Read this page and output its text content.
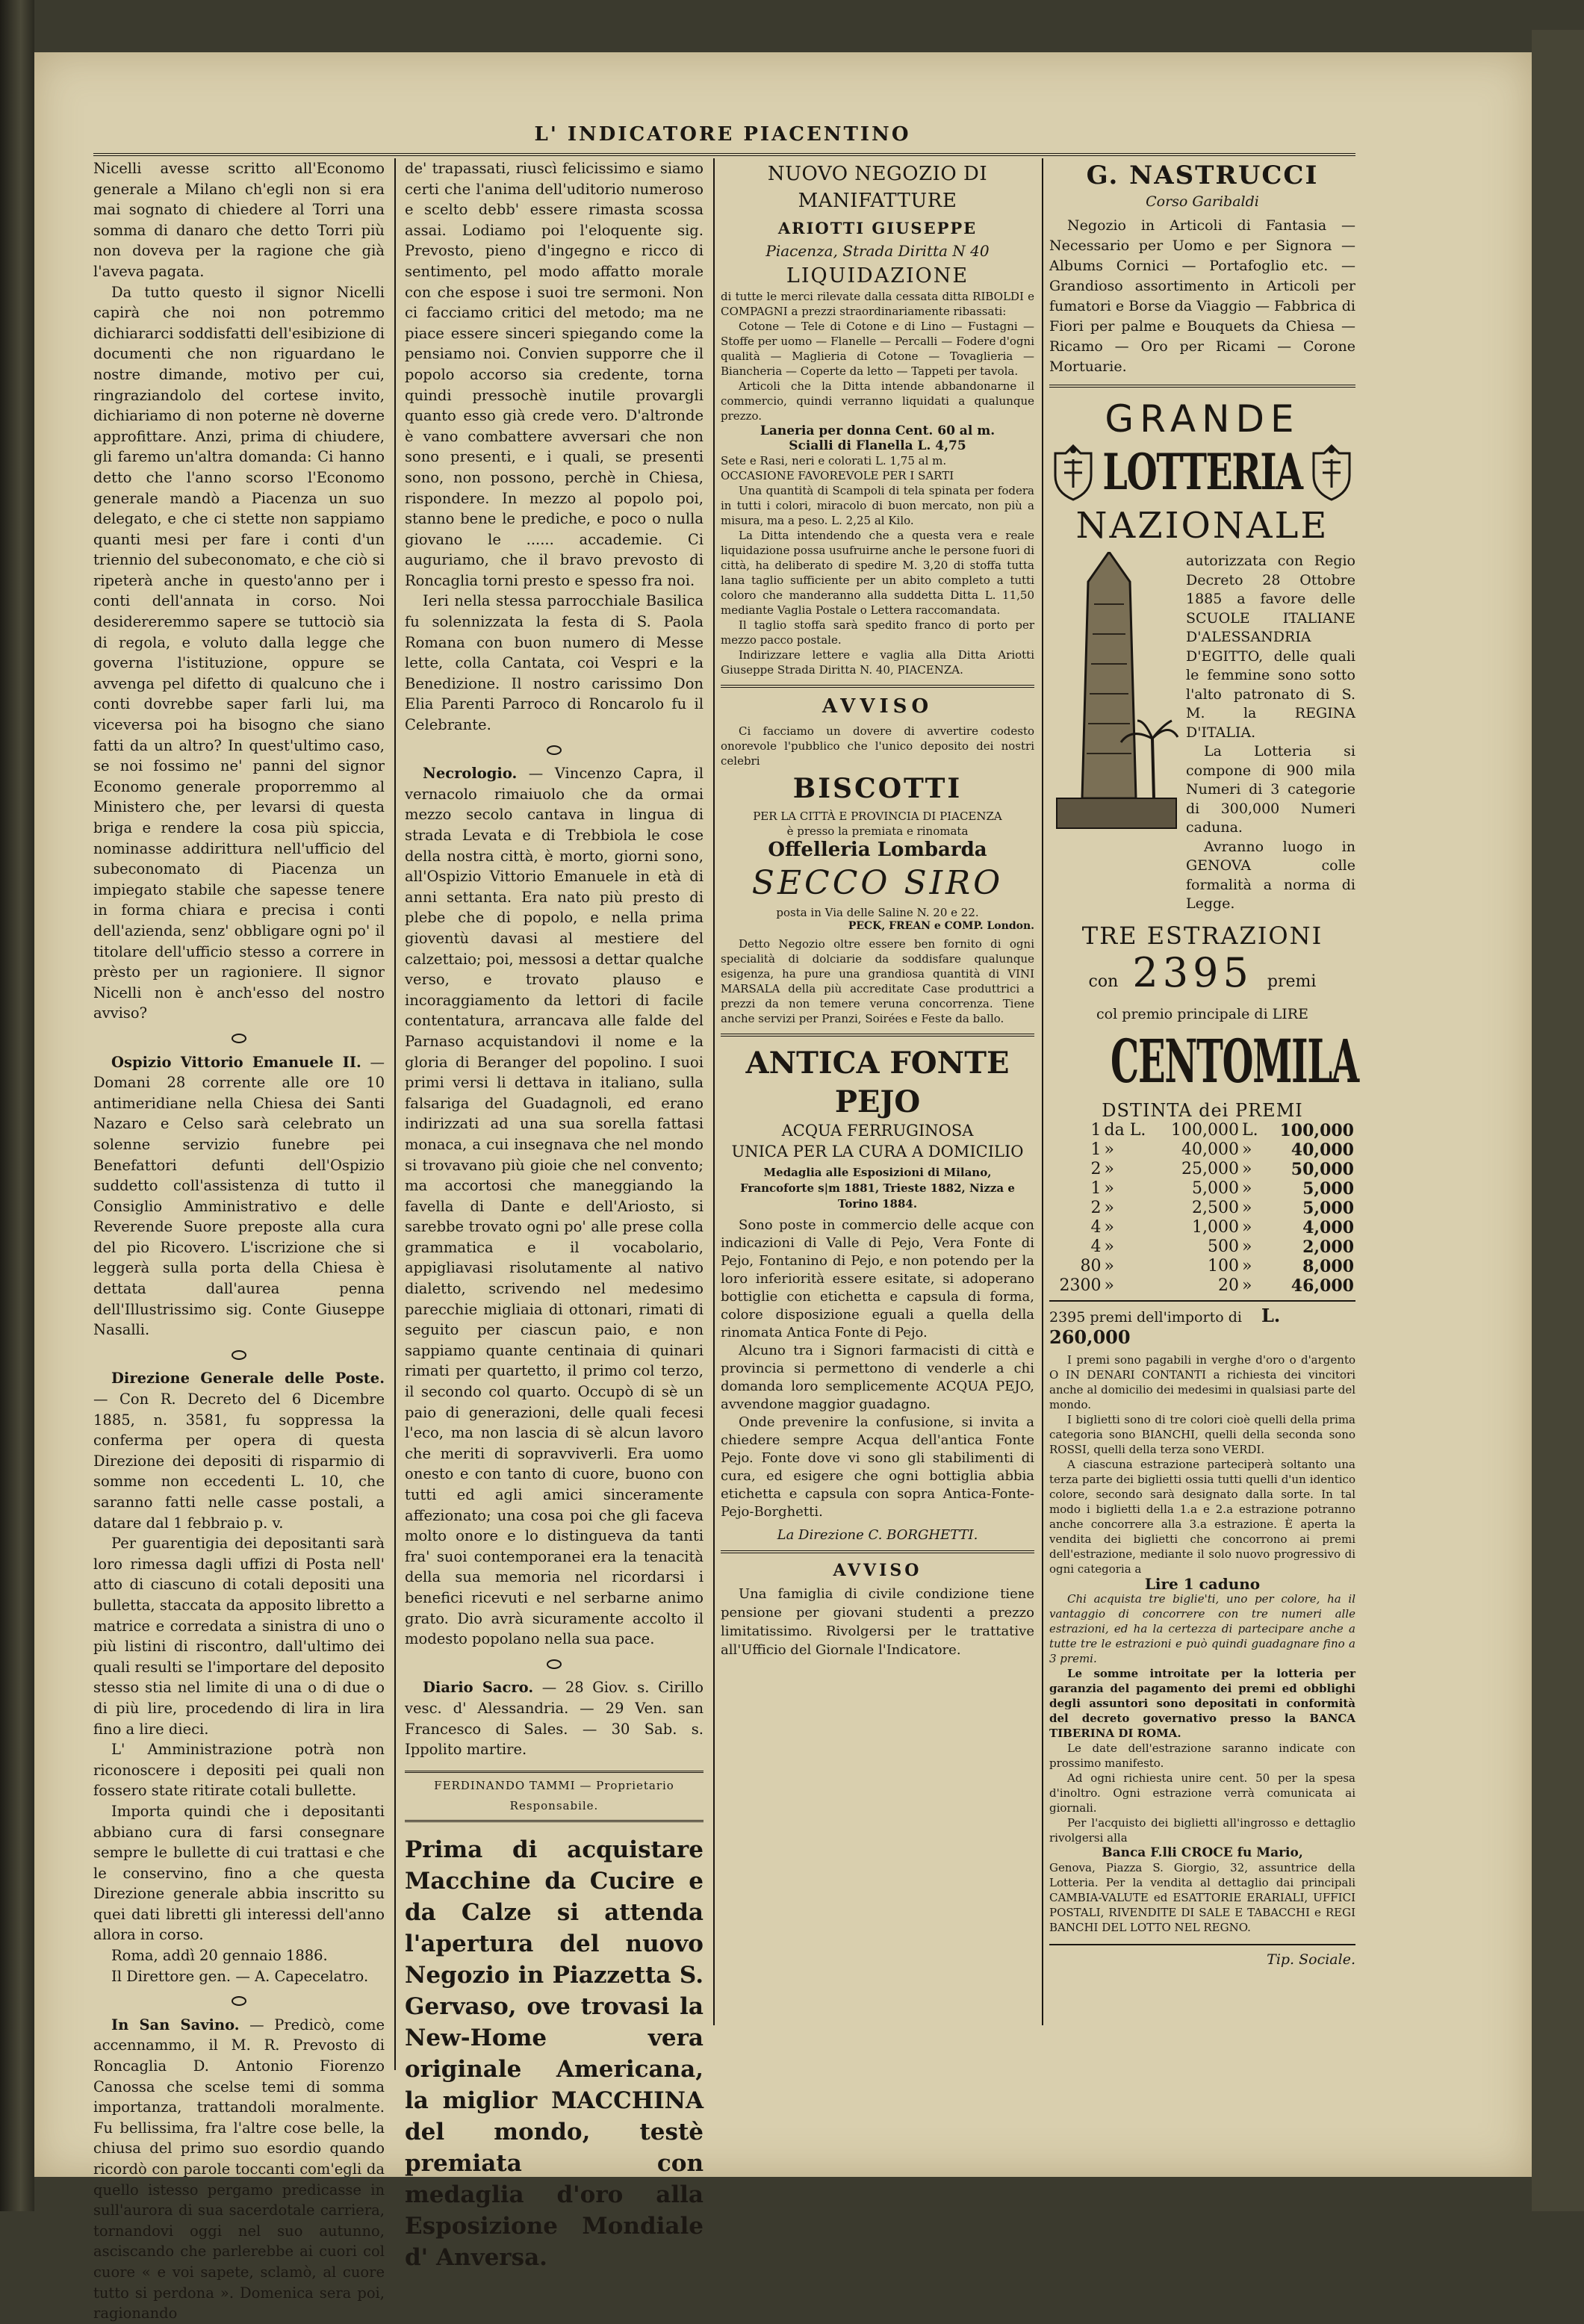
L' INDICATORE PIACENTINO

Nicelli avesse scritto all'Economo generale a Milano ch'egli non si era mai sognato di chiedere al Torri una somma di danaro che detto Torri più non doveva per la ragione che già l'aveva pagata.

Da tutto questo il signor Nicelli capirà che noi non potremmo dichiararci soddisfatti dell'esibizione di documenti che non riguardano le nostre dimande, motivo per cui, ringraziandolo del cortese invito, dichiariamo di non poterne nè doverne approfittare. Anzi, prima di chiudere, gli faremo un'altra domanda: Ci hanno detto che l'anno scorso l'Economo generale mandò a Piacenza un suo delegato, e che ci stette non sappiamo quanti mesi per fare i conti d'un triennio del subeconomato, e che ciò si ripeterà anche in questo'anno per i conti dell'annata in corso. Noi desidereremmo sapere se tuttociò sia di regola, e voluto dalla legge che governa l'istituzione, oppure se avvenga pel difetto di qualcuno che i conti dovrebbe saper farli lui, ma viceversa poi ha bisogno che siano fatti da un altro? In quest'ultimo caso, se noi fossimo ne' panni del signor Economo generale proporremmo al Ministero che, per levarsi di questa briga e rendere la cosa più spiccia, nominasse addirittura nell'ufficio del subeconomato di Piacenza un impiegato stabile che sapesse tenere in forma chiara e precisa i conti dell'azienda, senz' obbligare ogni po' il titolare dell'ufficio stesso a correre in prèsto per un ragioniere. Il signor Nicelli non è anch'esso del nostro avviso?

Ospizio Vittorio Emanuele II. — Domani 28 corrente alle ore 10 antimeridiane nella Chiesa dei Santi Nazaro e Celso sarà celebrato un solenne servizio funebre pei Benefattori defunti dell'Ospizio suddetto coll'assistenza di tutto il Consiglio Amministrativo e delle Reverende Suore preposte alla cura del pio Ricovero. L'iscrizione che si leggerà sulla porta della Chiesa è dettata dall'aurea penna dell'Illustrissimo sig. Conte Giuseppe Nasalli.

Direzione Generale delle Poste. — Con R. Decreto del 6 Dicembre 1885, n. 3581, fu soppressa la conferma per opera di questa Direzione dei depositi di risparmio di somme non eccedenti L. 10, che saranno fatti nelle casse postali, a datare dal 1 febbraio p. v.

Per guarentigia dei depositanti sarà loro rimessa dagli uffizi di Posta nell' atto di ciascuno di cotali depositi una bulletta, staccata da apposito libretto a matrice e corredata a sinistra di uno o più listini di riscontro, dall'ultimo dei quali resulti se l'importare del deposito stesso stia nel limite di una o di due o di più lire, procedendo di lira in lira fino a lire dieci.

L' Amministrazione potrà non riconoscere i depositi pei quali non fossero state ritirate cotali bullette.

Importa quindi che i depositanti abbiano cura di farsi consegnare sempre le bullette di cui trattasi e che le conservino, fino a che questa Direzione generale abbia inscritto su quei dati libretti gli interessi dell'anno allora in corso.

Roma, addì 20 gennaio 1886.

Il Direttore gen. — A. Capecelatro.

In San Savino. — Predicò, come accennammo, il M. R. Prevosto di Roncaglia D. Antonio Fiorenzo Canossa che scelse temi di somma importanza, trattandoli moralmente. Fu bellissima, fra l'altre cose belle, la chiusa del primo suo esordio quando ricordò con parole toccanti com'egli da quello istesso pergamo predicasse in sull'aurora di sua sacerdotale carriera, tornandovi oggi nel suo autunno, asciscando che parlerebbe ai cuori col cuore « e voi sapete, sclamò, al cuore tutto si perdona ». Domenica sera poi, ragionando

de' trapassati, riuscì felicissimo e siamo certi che l'anima dell'uditorio numeroso e scelto debb' essere rimasta scossa assai. Lodiamo poi l'eloquente sig. Prevosto, pieno d'ingegno e ricco di sentimento, pel modo affatto morale con che espose i suoi tre sermoni. Non ci facciamo critici del metodo; ma ne piace essere sinceri spiegando come la pensiamo noi. Convien supporre che il popolo accorso sia credente, torna quindi pressochè inutile provargli quanto esso già crede vero. D'altronde è vano combattere avversari che non sono presenti, e i quali, se presenti sono, non possono, perchè in Chiesa, rispondere. In mezzo al popolo poi, stanno bene le prediche, e poco o nulla giovano le ...... accademie. Ci auguriamo, che il bravo prevosto di Roncaglia torni presto e spesso fra noi.

Ieri nella stessa parrocchiale Basilica fu solennizzata la festa di S. Paola Romana con buon numero di Messe lette, colla Cantata, coi Vespri e la Benedizione. Il nostro carissimo Don Elia Parenti Parroco di Roncarolo fu il Celebrante.

Necrologio. — Vincenzo Capra, il vernacolo rimaiuolo che da ormai mezzo secolo cantava in lingua di strada Levata e di Trebbiola le cose della nostra città, è morto, giorni sono, all'Ospizio Vittorio Emanuele in età di anni settanta. Era nato più presto di plebe che di popolo, e nella prima gioventù davasi al mestiere del calzettaio; poi, messosi a dettar qualche verso, e trovato plauso e incoraggiamento da lettori di facile contentatura, arrancava alle falde del Parnaso acquistandovi il nome e la gloria di Beranger del popolino. I suoi primi versi li dettava in italiano, sulla falsariga del Guadagnoli, ed erano indirizzati ad una sua sorella fattasi monaca, a cui insegnava che nel mondo si trovavano più gioie che nel convento; ma accortosi che maneggiando la favella di Dante e dell'Ariosto, si sarebbe trovato ogni po' alle prese colla grammatica e il vocabolario, appigliavasi risolutamente al nativo dialetto, scrivendo nel medesimo parecchie migliaia di ottonari, rimati di seguito per ciascun paio, e non sappiamo quante centinaia di quinari rimati per quartetto, il primo col terzo, il secondo col quarto. Occupò di sè un paio di generazioni, delle quali fecesi l'eco, ma non lascia di sè alcun lavoro che meriti di sopravviverli. Era uomo onesto e con tanto di cuore, buono con tutti ed agli amici sinceramente affezionato; una cosa poi che gli faceva molto onore e lo distingueva da tanti fra' suoi contemporanei era la tenacità della sua memoria nel ricordarsi i benefici ricevuti e nel serbarne animo grato. Dio avrà sicuramente accolto il modesto popolano nella sua pace.

Diario Sacro. — 28 Giov. s. Cirillo vesc. d' Alessandria. — 29 Ven. san Francesco di Sales. — 30 Sab. s. Ippolito martire.

FERDINANDO TAMMI — Proprietario Responsabile.

Prima di acquistare Macchine da Cucire e da Calze si attenda l'apertura del nuovo Negozio in Piazzetta S. Gervaso, ove trovasi la New-Home vera originale Americana, la miglior MACCHINA del mondo, testè premiata con medaglia d'oro alla Esposizione Mondiale d' Anversa.

NUOVO NEGOZIO DI MANIFATTURE
ARIOTTI GIUSEPPE
Piacenza, Strada Diritta N 40
LIQUIDAZIONE
di tutte le merci rilevate dalla cessata ditta RIBOLDI e COMPAGNI a prezzi straordinariamente ribassati:
Cotone — Tele di Cotone e di Lino — Fustagni — Stoffe per uomo — Flanelle — Percalli — Fodere d'ogni qualità — Maglieria di Cotone — Tovaglieria — Biancheria — Coperte da letto — Tappeti per tavola.
Articoli che la Ditta intende abbandonarne il commercio, quindi verranno liquidati a qualunque prezzo.
Laneria per donna Cent. 60 al m.
Scialli di Flanella L. 4,75
Sete e Rasi, neri e colorati L. 1,75 al m.
OCCASIONE FAVOREVOLE PER I SARTI
Una quantità di Scampoli di tela spinata per fodera in tutti i colori, miracolo di buon mercato, non più a misura, ma a peso. L. 2,25 al Kilo.
La Ditta intendendo che a questa vera e reale liquidazione possa usufruirne anche le persone fuori di città, ha deliberato di spedire M. 3,20 di stoffa tutta lana taglio sufficiente per un abito completo a tutti coloro che manderanno alla suddetta Ditta L. 11,50 mediante Vaglia Postale o Lettera raccomandata.
Il taglio stoffa sarà spedito franco di porto per mezzo pacco postale.
Indirizzare lettere e vaglia alla Ditta Ariotti Giuseppe Strada Diritta N. 40, PIACENZA.
AVVISO
Ci facciamo un dovere di avvertire codesto onorevole l'pubblico che l'unico deposito dei nostri celebri
BISCOTTI
PER LA CITTÀ E PROVINCIA DI PIACENZA
è presso la premiata e rinomata
Offelleria Lombarda
SECCO SIRO
posta in Via delle Saline N. 20 e 22.
PECK, FREAN e COMP. London.
Detto Negozio oltre essere ben fornito di ogni specialità di dolciarie da soddisfare qualunque esigenza, ha pure una grandiosa quantità di VINI MARSALA della più accreditate Case produttrici a prezzi da non temere veruna concorrenza. Tiene anche servizi per Pranzi, Soirées e Feste da ballo.
ANTICA FONTE PEJO
ACQUA FERRUGINOSA
UNICA PER LA CURA A DOMICILIO
Medaglia alle Esposizioni di Milano, Francoforte s|m 1881, Trieste 1882, Nizza e Torino 1884.
Sono poste in commercio delle acque con indicazioni di Valle di Pejo, Vera Fonte di Pejo, Fontanino di Pejo, e non potendo per la loro inferiorità essere esitate, si adoperano bottiglie con etichetta e capsula di forma, colore disposizione eguali a quella della rinomata Antica Fonte di Pejo.
Alcuno tra i Signori farmacisti di città e provincia si permettono di venderle a chi domanda loro semplicemente ACQUA PEJO, avvendone maggior guadagno.
Onde prevenire la confusione, si invita a chiedere sempre Acqua dell'antica Fonte Pejo. Fonte dove vi sono gli stabilimenti di cura, ed esigere che ogni bottiglia abbia etichetta e capsula con sopra Antica-Fonte-Pejo-Borghetti.
La Direzione C. BORGHETTI.
AVVISO
Una famiglia di civile condizione tiene pensione per giovani studenti a prezzo limitatissimo. Rivolgersi per le trattative all'Ufficio del Giornale l'Indicatore.
G. NASTRUCCI
Corso Garibaldi
Negozio in Articoli di Fantasia — Necessario per Uomo e per Signora — Albums Cornici — Portafoglio etc. — Grandioso assortimento in Articoli per fumatori e Borse da Viaggio — Fabbrica di Fiori per palme e Bouquets da Chiesa — Ricamo — Oro per Ricami — Corone Mortuarie.
GRANDE
LOTTERIA
NAZIONALE
autorizzata con Regio Decreto 28 Ottobre 1885 a favore delle SCUOLE ITALIANE D'ALESSANDRIA D'EGITTO, delle quali le femmine sono sotto l'alto patronato di S. M. la REGINA D'ITALIA.
La Lotteria si compone di 900 mila Numeri di 3 categorie di 300,000 Numeri caduna.
Avranno luogo in GENOVA colle formalità a norma di Legge.
TRE ESTRAZIONI
con 2395 premi
col premio principale di LIRE
CENTOMILA
DSTINTA dei PREMI
1	da L.	100,000	L.	100,000
1	»	40,000	»	40,000
2	»	25,000	»	50,000
1	»	5,000	»	5,000
2	»	2,500	»	5,000
4	»	1,000	»	4,000
4	»	500	»	2,000
80	»	100	»	8,000
2300	»	20	»	46,000
2395 premi dell'importo di L. 260,000
I premi sono pagabili in verghe d'oro o d'argento O IN DENARI CONTANTI a richiesta dei vincitori anche al domicilio dei medesimi in qualsiasi parte del mondo.
I biglietti sono di tre colori cioè quelli della prima categoria sono BIANCHI, quelli della seconda sono ROSSI, quelli della terza sono VERDI.
A ciascuna estrazione parteciperà soltanto una terza parte dei biglietti ossia tutti quelli d'un identico colore, secondo sarà designato dalla sorte. In tal modo i biglietti della 1.a e 2.a estrazione potranno anche concorrere alla 3.a estrazione. È aperta la vendita dei biglietti che concorrono ai premi dell'estrazione, mediante il solo nuovo progressivo di ogni categoria a
Lire 1 caduno
Chi acquista tre biglie'ti, uno per colore, ha il vantaggio di concorrere con tre numeri alle estrazioni, ed ha la certezza di partecipare anche a tutte tre le estrazioni e può quindi guadagnare fino a 3 premi.
Le somme introitate per la lotteria per garanzia del pagamento dei premi ed obblighi degli assuntori sono depositati in conformità del decreto governativo presso la BANCA TIBERINA DI ROMA.
Le date dell'estrazione saranno indicate con prossimo manifesto.
Ad ogni richiesta unire cent. 50 per la spesa d'inoltro. Ogni estrazione verrà comunicata ai giornali.
Per l'acquisto dei biglietti all'ingrosso e dettaglio rivolgersi alla
Banca F.lli CROCE fu Mario,
Genova, Piazza S. Giorgio, 32, assuntrice della Lotteria. Per la vendita al dettaglio dai principali CAMBIA-VALUTE ed ESATTORIE ERARIALI, UFFICI POSTALI, RIVENDITE DI SALE E TABACCHI e REGI BANCHI DEL LOTTO NEL REGNO.
Tip. Sociale.
